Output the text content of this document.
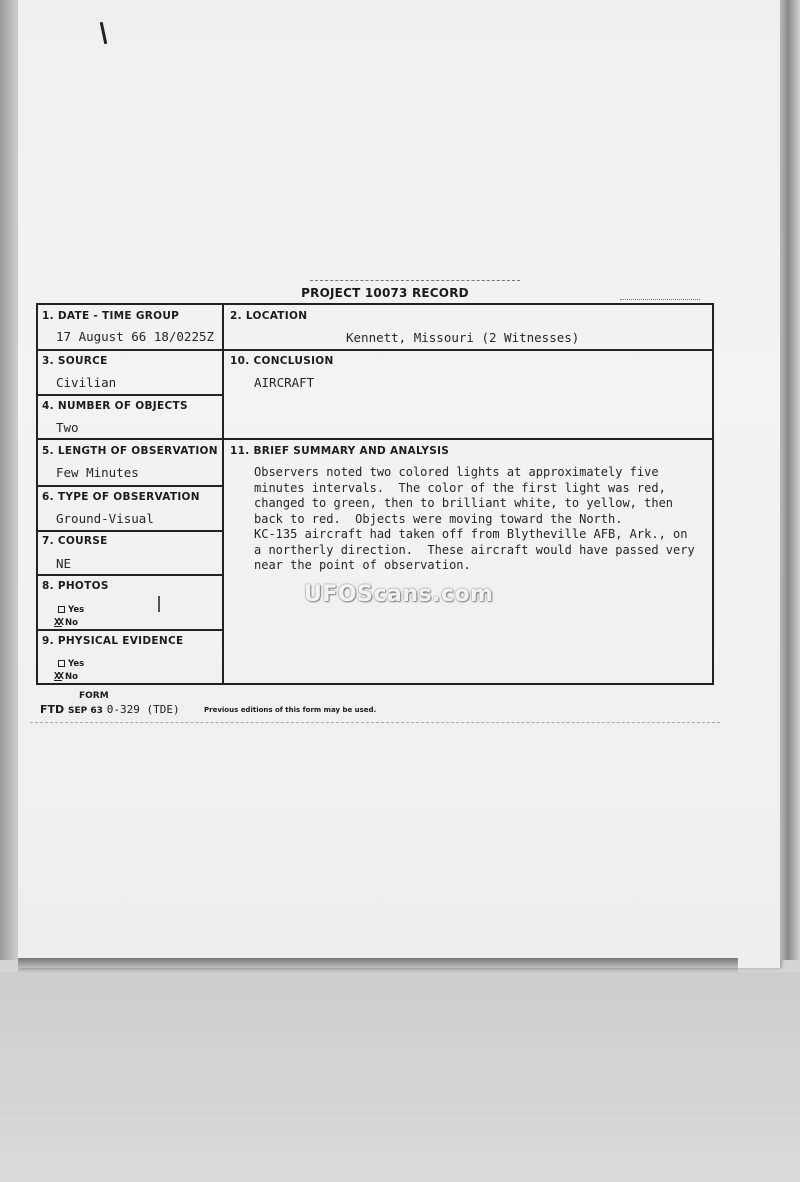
PROJECT 10073 RECORD
1. DATE - TIME GROUP
17 August 66 18/0225Z
2. LOCATION
Kennett, Missouri (2 Witnesses)
3. SOURCE
Civilian
10. CONCLUSION
AIRCRAFT
4. NUMBER OF OBJECTS
Two
5. LENGTH OF OBSERVATION
Few Minutes
11. BRIEF SUMMARY AND ANALYSIS
Observers noted two colored lights at approximately five
minutes intervals.  The color of the first light was red,
changed to green, then to brilliant white, to yellow, then
back to red.  Objects were moving toward the North.
KC-135 aircraft had taken off from Blytheville AFB, Ark., on
a northerly direction.  These aircraft would have passed very
near the point of observation.
6. TYPE OF OBSERVATION
Ground-Visual
7. COURSE
NE
8. PHOTOS
Yes
XX No
9. PHYSICAL EVIDENCE
Yes
XX No
FORM
FTD SEP 63 0-329 (TDE)	Previous editions of this form may be used.
UFOScans.com
